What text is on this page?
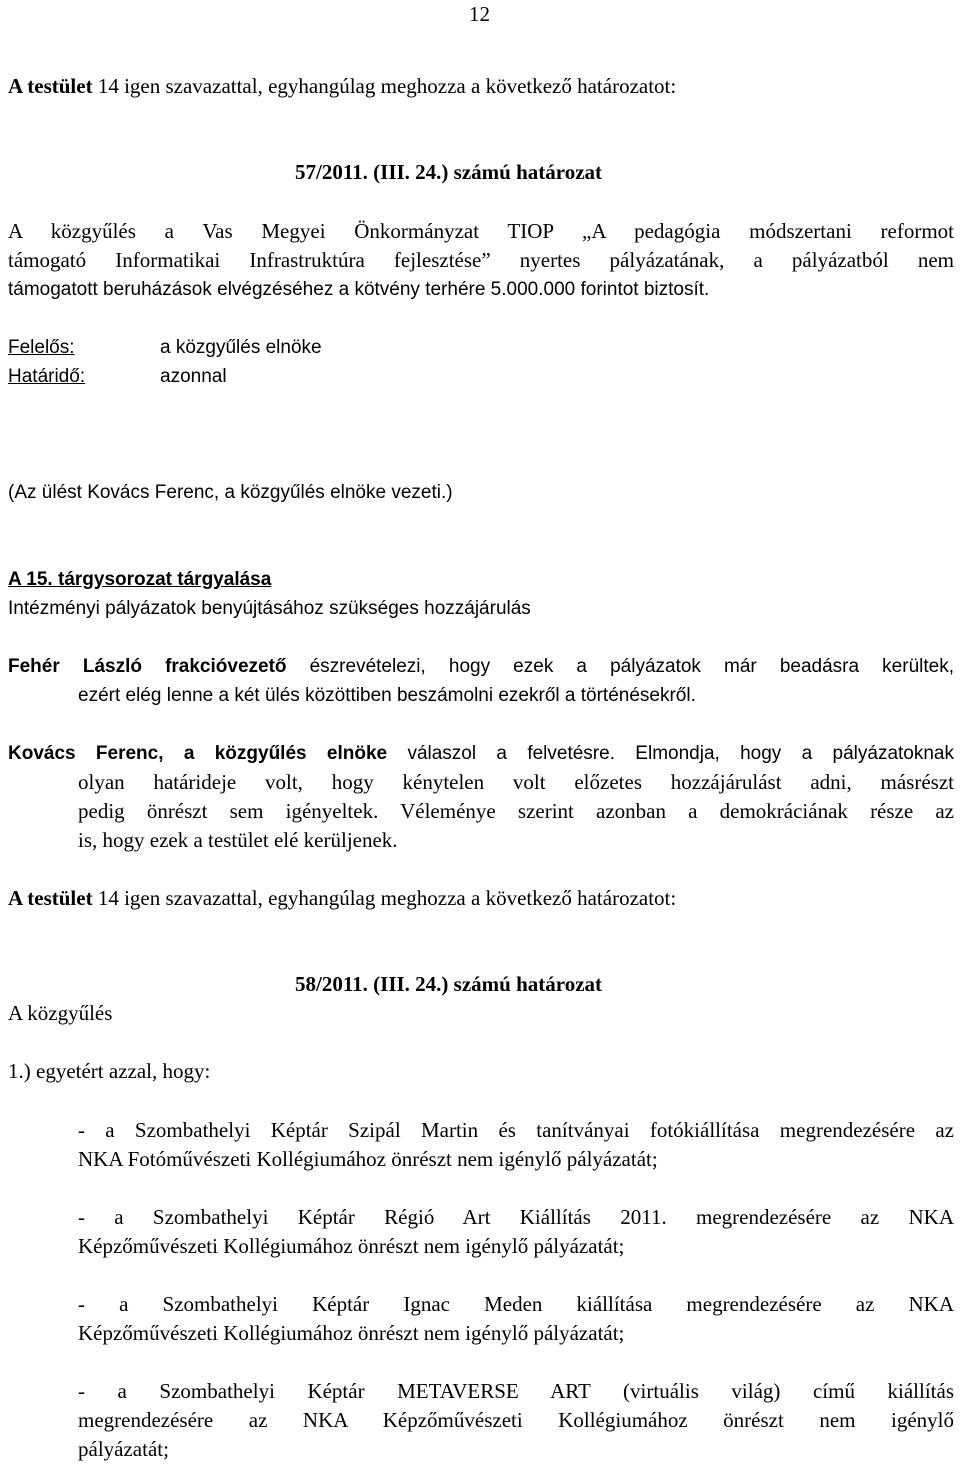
12

A testület 14 igen szavazattal, egyhangúlag meghozza a következő határozatot:

57/2011. (III. 24.) számú határozat

A közgyűlés a Vas Megyei Önkormányzat TIOP „A pedagógia módszertani reformot

támogató Informatikai Infrastruktúra fejlesztése” nyertes pályázatának, a pályázatból nem

támogatott beruházások elvégzéséhez a kötvény terhére 5.000.000 forintot biztosít.

Felelős:	a közgyűlés elnöke

Határidő:	azonnal

(Az ülést Kovács Ferenc, a közgyűlés elnöke vezeti.)

A 15. tárgysorozat tárgyalása

Intézményi pályázatok benyújtásához szükséges hozzájárulás

Fehér László frakcióvezető észrevételezi, hogy ezek a pályázatok már beadásra kerültek,

ezért elég lenne a két ülés közöttiben beszámolni ezekről a történésekről.

Kovács Ferenc, a közgyűlés elnöke válaszol a felvetésre. Elmondja, hogy a pályázatoknak

olyan határideje volt, hogy kénytelen volt előzetes hozzájárulást adni, másrészt

pedig önrészt sem igényeltek. Véleménye szerint azonban a demokráciának része az

is, hogy ezek a testület elé kerüljenek.

A testület 14 igen szavazattal, egyhangúlag meghozza a következő határozatot:

58/2011. (III. 24.) számú határozat

A közgyűlés

1.) egyetért azzal, hogy:

- a Szombathelyi Képtár Szipál Martin és tanítványai fotókiállítása megrendezésére az

NKA Fotóművészeti Kollégiumához önrészt nem igénylő pályázatát;

- a Szombathelyi Képtár Régió Art Kiállítás 2011. megrendezésére az NKA

Képzőművészeti Kollégiumához önrészt nem igénylő pályázatát;

- a Szombathelyi Képtár Ignac Meden kiállítása megrendezésére az NKA

Képzőművészeti Kollégiumához önrészt nem igénylő pályázatát;

- a Szombathelyi Képtár METAVERSE ART (virtuális világ) című kiállítás

megrendezésére az NKA Képzőművészeti Kollégiumához önrészt nem igénylő

pályázatát;
